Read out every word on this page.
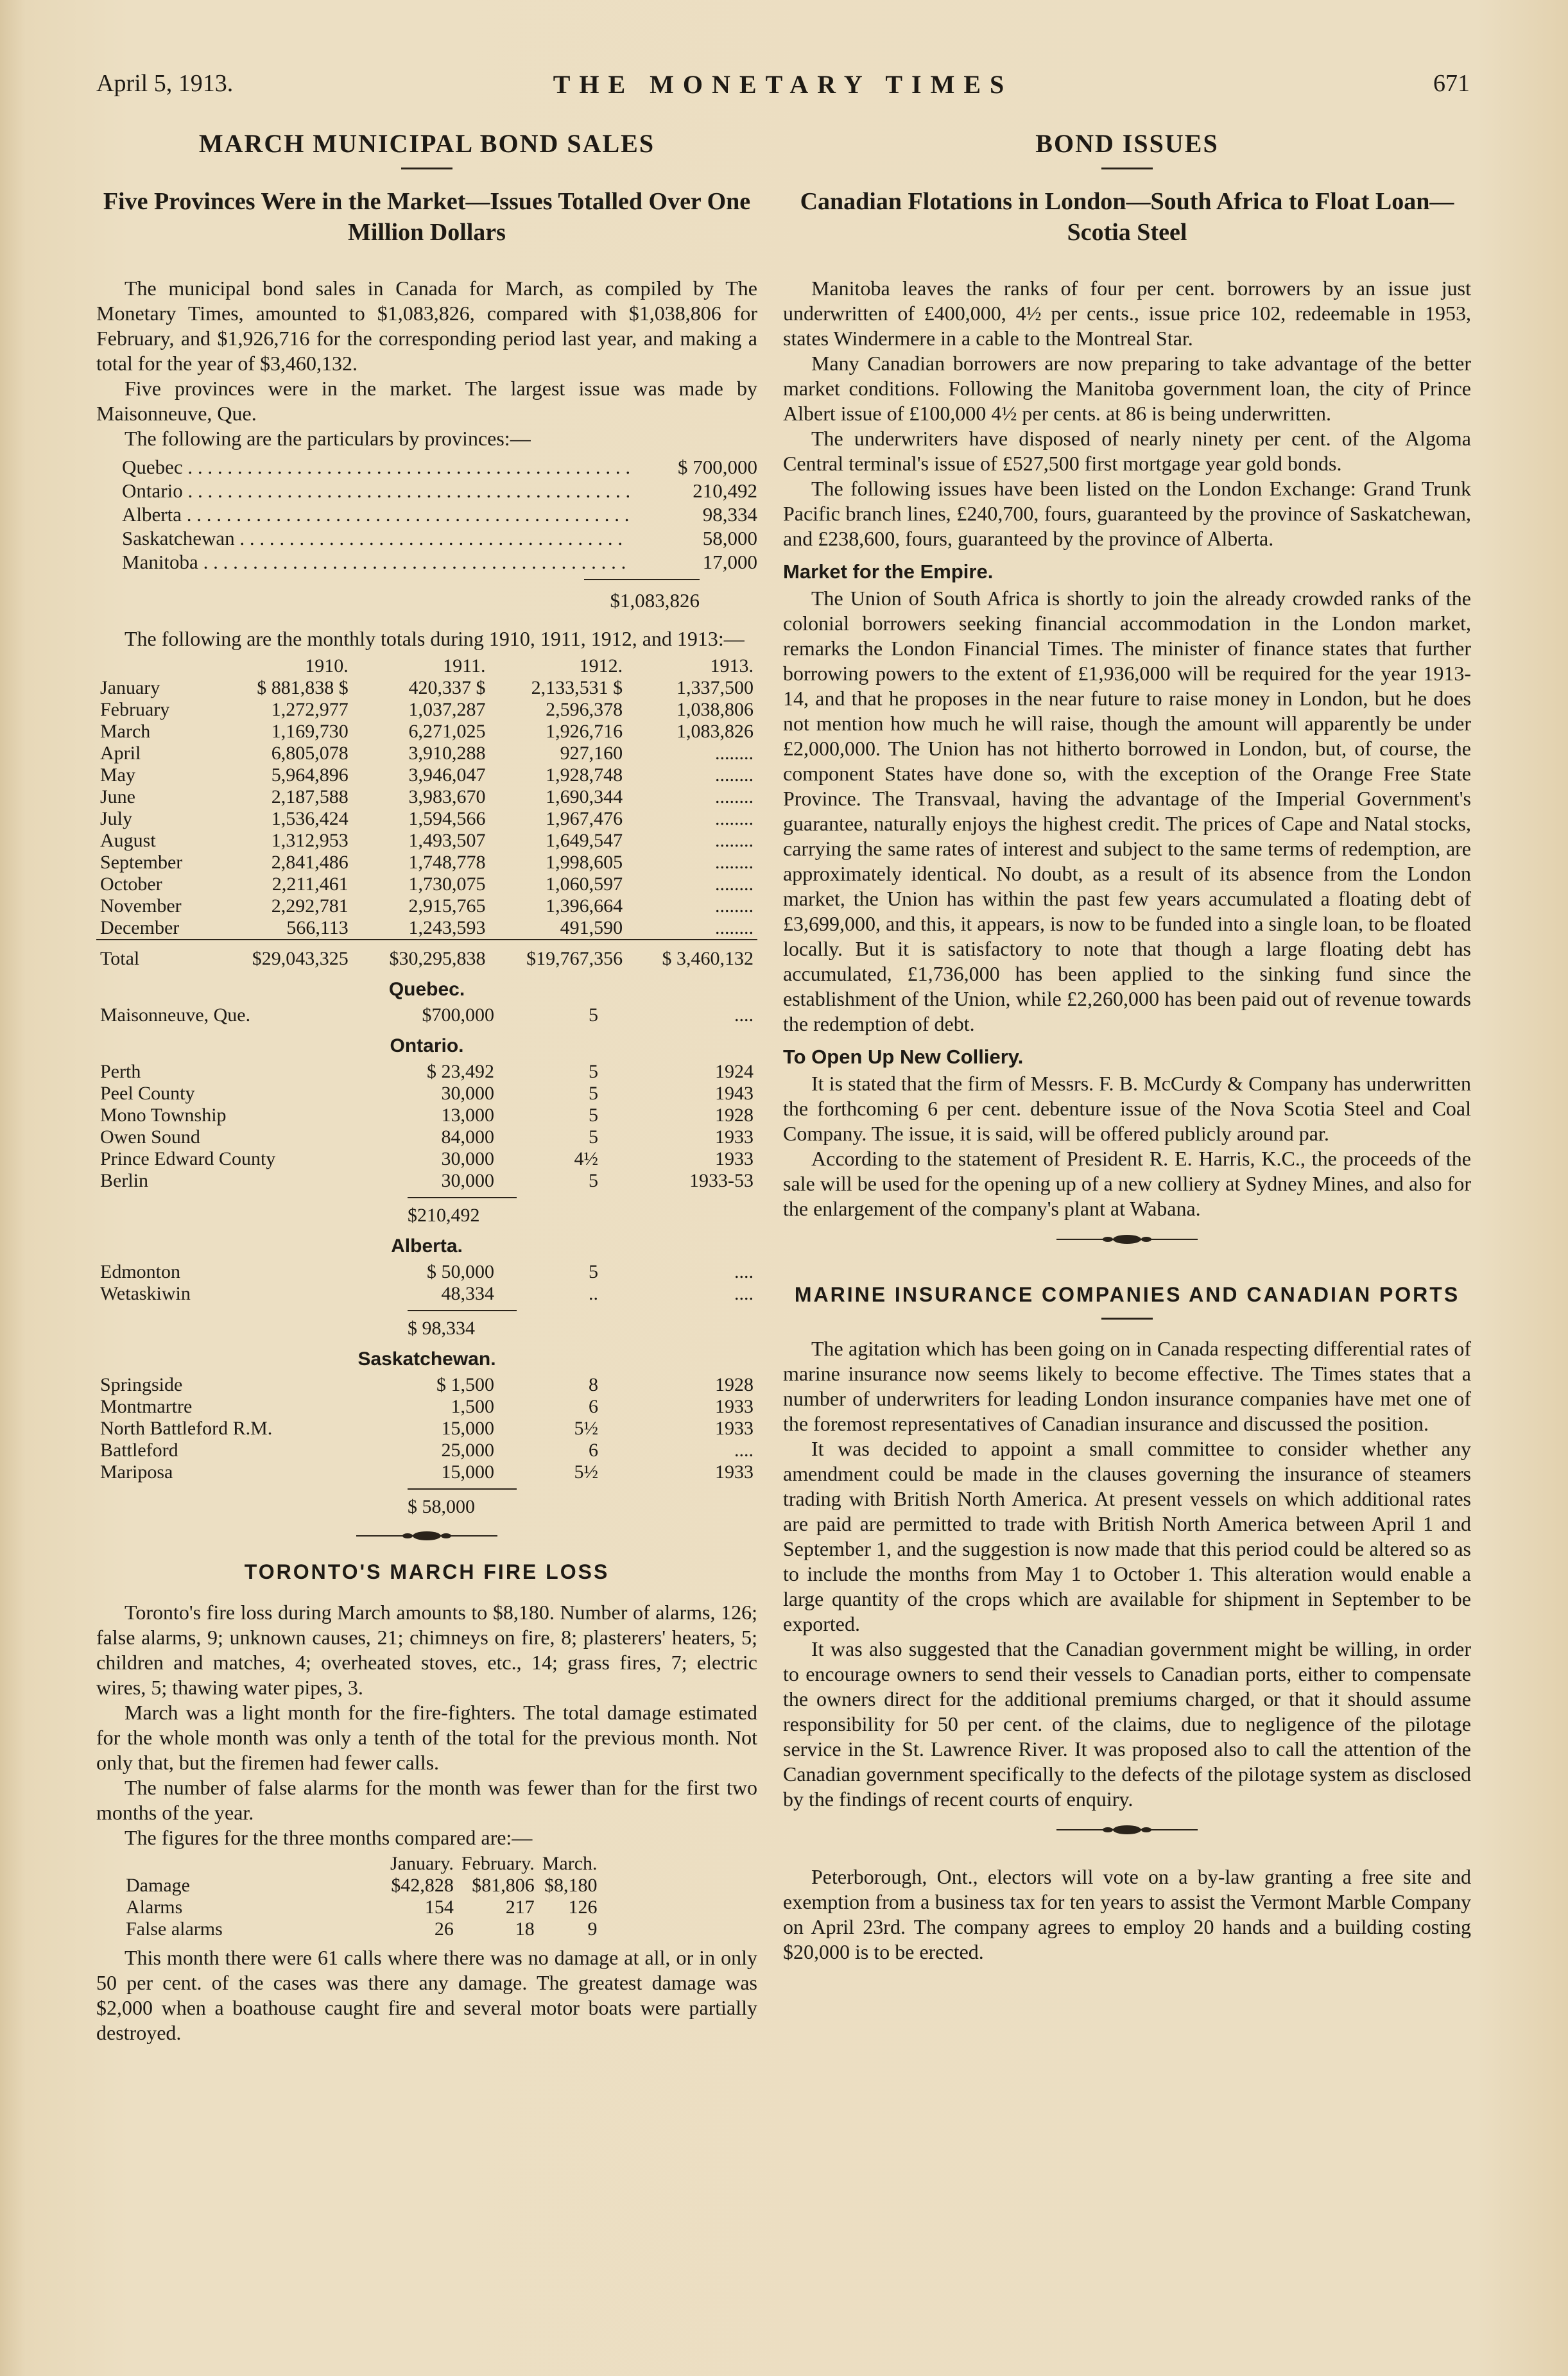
April 5, 1913.	THE MONETARY TIMES	671
MARCH MUNICIPAL BOND SALES
Five Provinces Were in the Market—Issues Totalled Over One Million Dollars

The municipal bond sales in Canada for March, as compiled by The Monetary Times, amounted to $1,083,826, compared with $1,038,806 for February, and $1,926,716 for the corresponding period last year, and making a total for the year of $3,460,132.

Five provinces were in the market. The largest issue was made by Maisonneuve, Que.

The following are the particulars by provinces:—

Quebec . . .	$ 700,000
Ontario . . .	210,492
Alberta . . .	98,334
Saskatchewan . . .	58,000
Manitoba . . .	17,000
$1,083,826

The following are the monthly totals during 1910, 1911, 1912, and 1913:—

	1910.	1911.	1912.	1913.
January	$ 881,838 $	420,337 $	2,133,531 $	1,337,500
February	1,272,977	1,037,287	2,596,378	1,038,806
March	1,169,730	6,271,025	1,926,716	1,083,826
April	6,805,078	3,910,288	927,160	........
May	5,964,896	3,946,047	1,928,748	........
June	2,187,588	3,983,670	1,690,344	........
July	1,536,424	1,594,566	1,967,476	........
August	1,312,953	1,493,507	1,649,547	........
September	2,841,486	1,748,778	1,998,605	........
October	2,211,461	1,730,075	1,060,597	........
November	2,292,781	2,915,765	1,396,664	........
December	566,113	1,243,593	491,590	........
Total	$29,043,325	$30,295,838	$19,767,356	$ 3,460,132
Quebec.
Maisonneuve, Que.	$700,000	5	....
Ontario.
Perth	$ 23,492	5	1924
Peel County	30,000	5	1943
Mono Township	13,000	5	1928
Owen Sound	84,000	5	1933
Prince Edward County	30,000	4½	1933
Berlin	30,000	5	1933-53
$210,492
Alberta.
Edmonton	$ 50,000	5	....
Wetaskiwin	48,334	..	....
$ 98,334
Saskatchewan.
Springside	$ 1,500	8	1928
Montmartre	1,500	6	1933
North Battleford R.M.	15,000	5½	1933
Battleford	25,000	6	....
Mariposa	15,000	5½	1933
$ 58,000
TORONTO'S MARCH FIRE LOSS

Toronto's fire loss during March amounts to $8,180. Number of alarms, 126; false alarms, 9; unknown causes, 21; chimneys on fire, 8; plasterers' heaters, 5; children and matches, 4; overheated stoves, etc., 14; grass fires, 7; electric wires, 5; thawing water pipes, 3.

March was a light month for the fire-fighters. The total damage estimated for the whole month was only a tenth of the total for the previous month. Not only that, but the firemen had fewer calls.

The number of false alarms for the month was fewer than for the first two months of the year.

The figures for the three months compared are:—

	January.	February.	March.
Damage	$42,828	$81,806	$8,180
Alarms	154	217	126
False alarms	26	18	9

This month there were 61 calls where there was no damage at all, or in only 50 per cent. of the cases was there any damage. The greatest damage was $2,000 when a boathouse caught fire and several motor boats were partially destroyed.

BOND ISSUES
Canadian Flotations in London—South Africa to Float Loan—Scotia Steel

Manitoba leaves the ranks of four per cent. borrowers by an issue just underwritten of £400,000, 4½ per cents., issue price 102, redeemable in 1953, states Windermere in a cable to the Montreal Star.

Many Canadian borrowers are now preparing to take advantage of the better market conditions. Following the Manitoba government loan, the city of Prince Albert issue of £100,000 4½ per cents. at 86 is being underwritten.

The underwriters have disposed of nearly ninety per cent. of the Algoma Central terminal's issue of £527,500 first mortgage year gold bonds.

The following issues have been listed on the London Exchange: Grand Trunk Pacific branch lines, £240,700, fours, guaranteed by the province of Saskatchewan, and £238,600, fours, guaranteed by the province of Alberta.

Market for the Empire.

The Union of South Africa is shortly to join the already crowded ranks of the colonial borrowers seeking financial accommodation in the London market, remarks the London Financial Times. The minister of finance states that further borrowing powers to the extent of £1,936,000 will be required for the year 1913-14, and that he proposes in the near future to raise money in London, but he does not mention how much he will raise, though the amount will apparently be under £2,000,000. The Union has not hitherto borrowed in London, but, of course, the component States have done so, with the exception of the Orange Free State Province. The Transvaal, having the advantage of the Imperial Government's guarantee, naturally enjoys the highest credit. The prices of Cape and Natal stocks, carrying the same rates of interest and subject to the same terms of redemption, are approximately identical. No doubt, as a result of its absence from the London market, the Union has within the past few years accumulated a floating debt of £3,699,000, and this, it appears, is now to be funded into a single loan, to be floated locally. But it is satisfactory to note that though a large floating debt has accumulated, £1,736,000 has been applied to the sinking fund since the establishment of the Union, while £2,260,000 has been paid out of revenue towards the redemption of debt.

To Open Up New Colliery.

It is stated that the firm of Messrs. F. B. McCurdy & Company has underwritten the forthcoming 6 per cent. debenture issue of the Nova Scotia Steel and Coal Company. The issue, it is said, will be offered publicly around par.

According to the statement of President R. E. Harris, K.C., the proceeds of the sale will be used for the opening up of a new colliery at Sydney Mines, and also for the enlargement of the company's plant at Wabana.

MARINE INSURANCE COMPANIES AND CANADIAN PORTS

The agitation which has been going on in Canada respecting differential rates of marine insurance now seems likely to become effective. The Times states that a number of underwriters for leading London insurance companies have met one of the foremost representatives of Canadian insurance and discussed the position.

It was decided to appoint a small committee to consider whether any amendment could be made in the clauses governing the insurance of steamers trading with British North America. At present vessels on which additional rates are paid are permitted to trade with British North America between April 1 and September 1, and the suggestion is now made that this period could be altered so as to include the months from May 1 to October 1. This alteration would enable a large quantity of the crops which are available for shipment in September to be exported.

It was also suggested that the Canadian government might be willing, in order to encourage owners to send their vessels to Canadian ports, either to compensate the owners direct for the additional premiums charged, or that it should assume responsibility for 50 per cent. of the claims, due to negligence of the pilotage service in the St. Lawrence River. It was proposed also to call the attention of the Canadian government specifically to the defects of the pilotage system as disclosed by the findings of recent courts of enquiry.

Peterborough, Ont., electors will vote on a by-law granting a free site and exemption from a business tax for ten years to assist the Vermont Marble Company on April 23rd. The company agrees to employ 20 hands and a building costing $20,000 is to be erected.
